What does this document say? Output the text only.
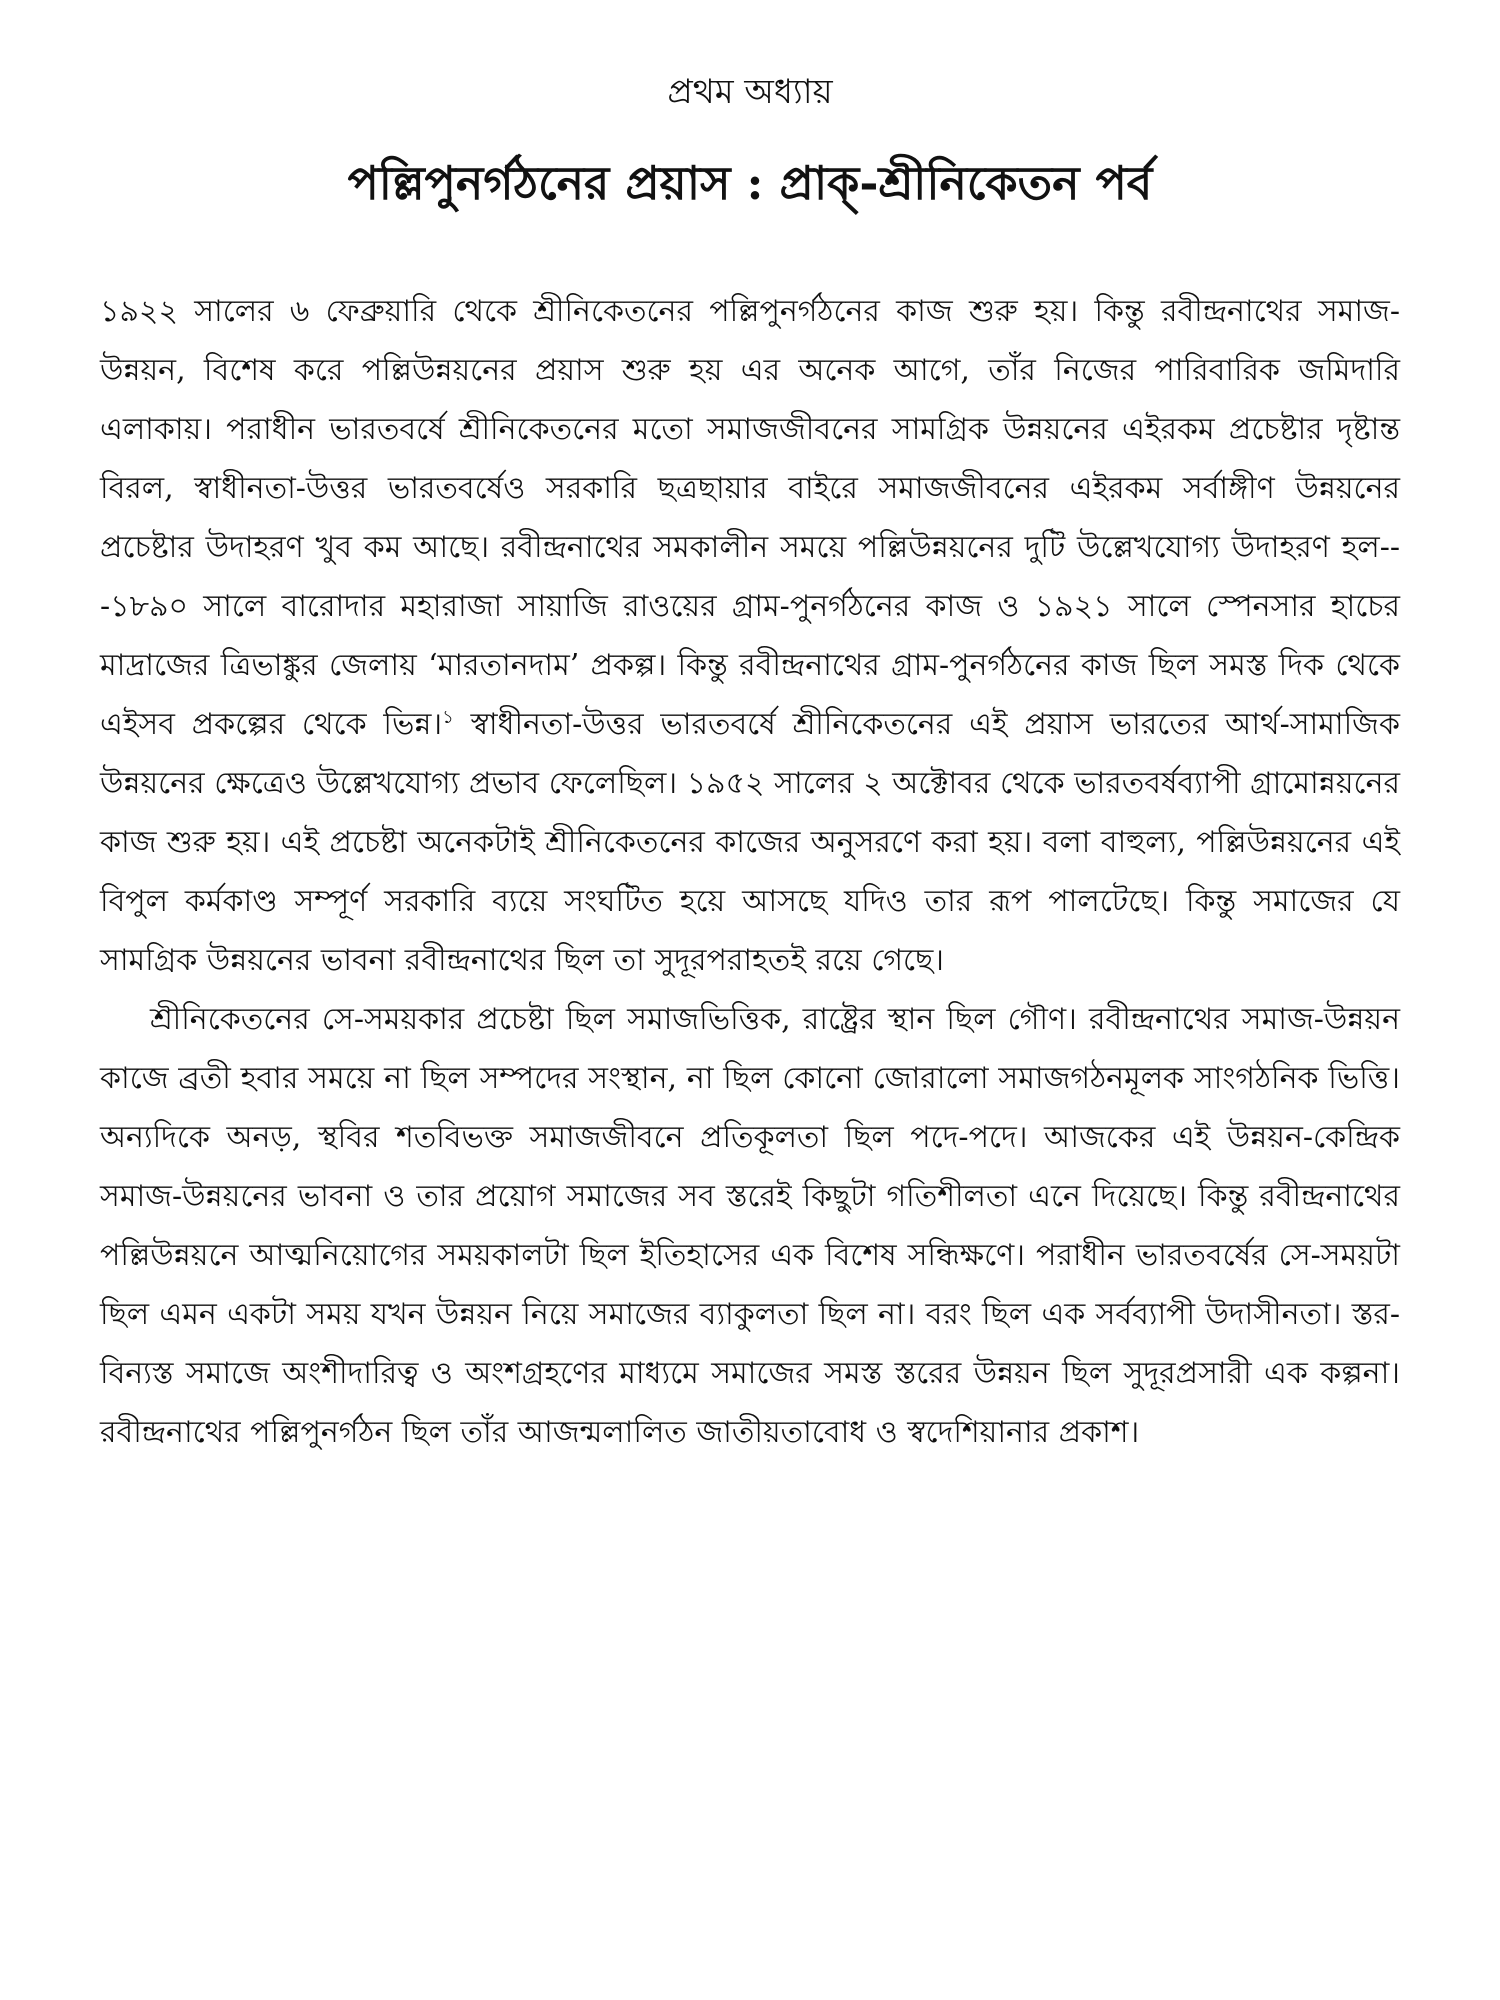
প্রথম অধ্যায়
পল্লিপুনর্গঠনের প্রয়াস : প্রাক্-শ্রীনিকেতন পর্ব

১৯২২ সালের ৬ ফেব্রুয়ারি থেকে শ্রীনিকেতনের পল্লিপুনর্গঠনের কাজ শুরু হয়। কিন্তু রবীন্দ্রনাথের সমাজ-উন্নয়ন, বিশেষ করে পল্লিউন্নয়নের প্রয়াস শুরু হয় এর অনেক আগে, তাঁর নিজের পারিবারিক জমিদারি এলাকায়। পরাধীন ভারতবর্ষে শ্রীনিকেতনের মতো সমাজজীবনের সামগ্রিক উন্নয়নের এইরকম প্রচেষ্টার দৃষ্টান্ত বিরল, স্বাধীনতা-উত্তর ভারতবর্ষেও সরকারি ছত্রছায়ার বাইরে সমাজজীবনের এইরকম সর্বাঙ্গীণ উন্নয়নের প্রচেষ্টার উদাহরণ খুব কম আছে। রবীন্দ্রনাথের সমকালীন সময়ে পল্লিউন্নয়নের দুটি উল্লেখযোগ্য উদাহরণ হল---১৮৯০ সালে বারোদার মহারাজা সায়াজি রাওয়ের গ্রাম-পুনর্গঠনের কাজ ও ১৯২১ সালে স্পেনসার হাচের মাদ্রাজের ত্রিভাঙ্কুর জেলায় ‘মারতানদাম’ প্রকল্প। কিন্তু রবীন্দ্রনাথের গ্রাম-পুনর্গঠনের কাজ ছিল সমস্ত দিক থেকে এইসব প্রকল্পের থেকে ভিন্ন।$^১$ স্বাধীনতা-উত্তর ভারতবর্ষে শ্রীনিকেতনের এই প্রয়াস ভারতের আর্থ-সামাজিক উন্নয়নের ক্ষেত্রেও উল্লেখযোগ্য প্রভাব ফেলেছিল। ১৯৫২ সালের ২ অক্টোবর থেকে ভারতবর্ষব্যাপী গ্রামোন্নয়নের কাজ শুরু হয়। এই প্রচেষ্টা অনেকটাই শ্রীনিকেতনের কাজের অনুসরণে করা হয়। বলা বাহুল্য, পল্লিউন্নয়নের এই বিপুল কর্মকাণ্ড সম্পূর্ণ সরকারি ব্যয়ে সংঘটিত হয়ে আসছে যদিও তার রূপ পালটেছে। কিন্তু সমাজের যে সামগ্রিক উন্নয়নের ভাবনা রবীন্দ্রনাথের ছিল তা সুদূরপরাহতই রয়ে গেছে।

শ্রীনিকেতনের সে-সময়কার প্রচেষ্টা ছিল সমাজভিত্তিক, রাষ্ট্রের স্থান ছিল গৌণ। রবীন্দ্রনাথের সমাজ-উন্নয়ন কাজে ব্রতী হবার সময়ে না ছিল সম্পদের সংস্থান, না ছিল কোনো জোরালো সমাজগঠনমূলক সাংগঠনিক ভিত্তি। অন্যদিকে অনড়, স্থবির শতবিভক্ত সমাজজীবনে প্রতিকূলতা ছিল পদে-পদে। আজকের এই উন্নয়ন-কেন্দ্রিক সমাজ-উন্নয়নের ভাবনা ও তার প্রয়োগ সমাজের সব স্তরেই কিছুটা গতিশীলতা এনে দিয়েছে। কিন্তু রবীন্দ্রনাথের পল্লিউন্নয়নে আত্মনিয়োগের সময়কালটা ছিল ইতিহাসের এক বিশেষ সন্ধিক্ষণে। পরাধীন ভারতবর্ষের সে-সময়টা ছিল এমন একটা সময় যখন উন্নয়ন নিয়ে সমাজের ব্যাকুলতা ছিল না। বরং ছিল এক সর্বব্যাপী উদাসীনতা। স্তর-বিন্যস্ত সমাজে অংশীদারিত্ব ও অংশগ্রহণের মাধ্যমে সমাজের সমস্ত স্তরের উন্নয়ন ছিল সুদূরপ্রসারী এক কল্পনা। রবীন্দ্রনাথের পল্লিপুনর্গঠন ছিল তাঁর আজন্মলালিত জাতীয়তাবোধ ও স্বদেশিয়ানার প্রকাশ।
